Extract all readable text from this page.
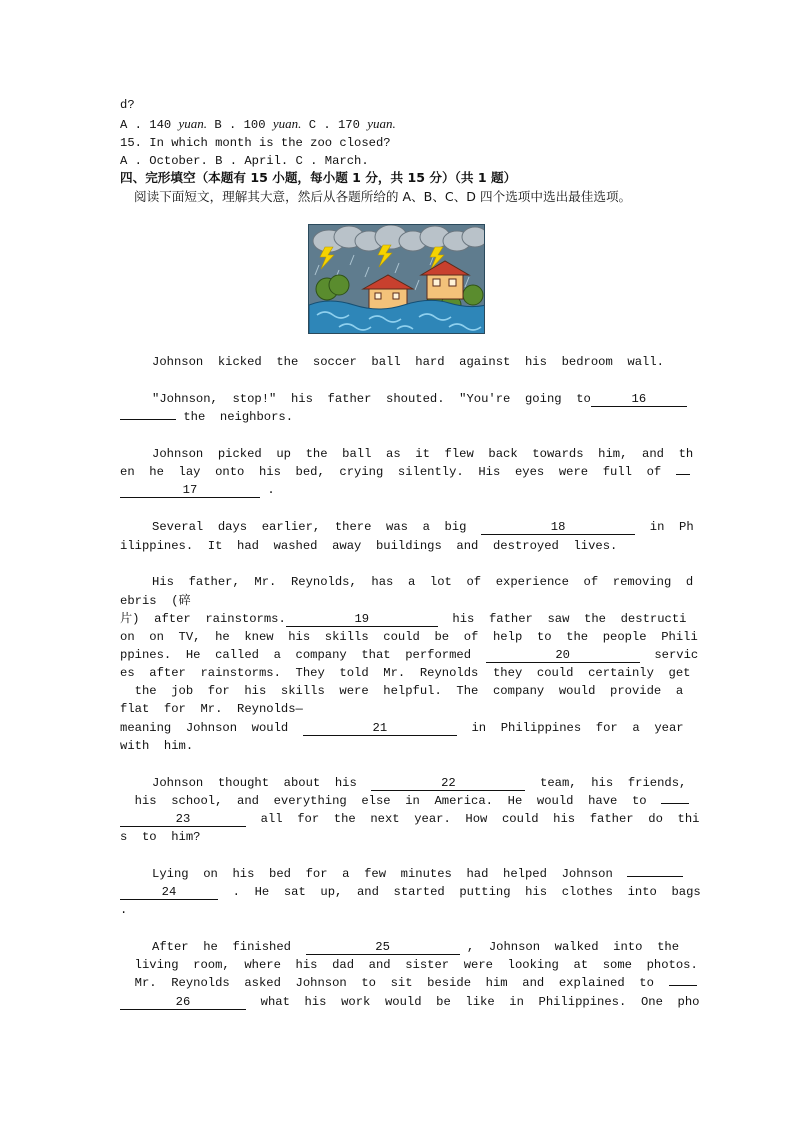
d?
A . 140 yuan. B . 100 yuan. C . 170 yuan.
15. In which month is the zoo closed?
A . October. B . April. C . March.
四、完形填空（本题有 15 小题，每小题 1 分，共 15 分）（共 1 题）
阅读下面短文，理解其大意，然后从各题所给的 A、B、C、D 四个选项中选出最佳选项。
Johnson  kicked  the  soccer  ball  hard  against  his  bedroom  wall.
"Johnson,  stop!"  his  father  shouted.  "You're  going  to	16
the  neighbors.
Johnson  picked  up  the  ball  as  it  flew  back  towards  him,  and  th
en  he  lay  onto  his  bed,  crying  silently.  His  eyes  were  full  of
17	.
Several  days  earlier,  there  was  a  big	18	in  Ph
ilippines.  It  had  washed  away  buildings  and  destroyed  lives.
His  father,  Mr.  Reynolds,  has  a  lot  of  experience  of  removing  d
ebris  (碎
片)  after  rainstorms.	19	his  father  saw  the  destructi
on  on  TV,  he  knew  his  skills  could  be  of  help  to  the  people  Phili
ppines.  He  called  a  company  that  performed	20	servic
es  after  rainstorms.  They  told  Mr.  Reynolds  they  could  certainly  get
the  job  for  his  skills  were  helpful.  The  company  would  provide  a
flat  for  Mr.  Reynolds—
meaning  Johnson  would	21	in  Philippines  for  a  year
with  him.
Johnson  thought  about  his	22	team,  his  friends,
his  school,  and  everything  else  in  America.  He  would  have  to
23	all  for  the  next  year.  How  could  his  father  do  thi
s  to  him?
Lying  on  his  bed  for  a  few  minutes  had  helped  Johnson
24	.  He  sat  up,  and  started  putting  his  clothes  into  bags
.
After  he  finished	25	,  Johnson  walked  into  the
living  room,  where  his  dad  and  sister  were  looking  at  some  photos.
Mr.  Reynolds  asked  Johnson  to  sit  beside  him  and  explained  to
26	what  his  work  would  be  like  in  Philippines.  One  pho
